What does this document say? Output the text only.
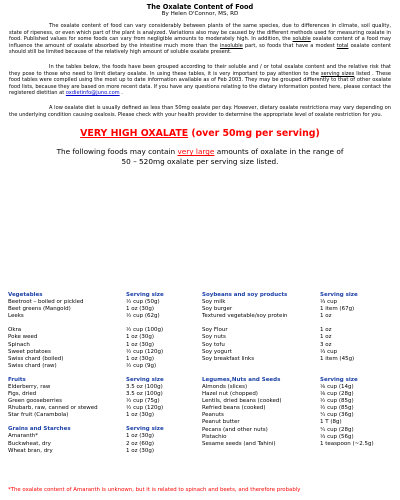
The Oxalate Content of Food
By Helen O'Connor, MS, RD
The oxalate content of food can vary considerably between plants of the same species, due to differences in climate, soil quality, state of ripeness, or even which part of the plant is analyzed. Variations also may be caused by the different methods used for measuring oxalate in food. Published values for some foods can vary from negligible amounts to moderately high. In addition, the soluble oxalate content of a food may influence the amount of oxalate absorbed by the intestine much more than the insoluble part, so foods that have a modest total oxalate content should still be limited because of the relatively high amount of soluble oxalate present.
In the tables below, the foods have been grouped according to their soluble and / or total oxalate content and the relative risk that they pose to those who need to limit dietary oxalate. In using these tables, it is very important to pay attention to the serving sizes listed . These food tables were compiled using the most up to date information available as of Feb 2003. They may be grouped differently to that of other oxalate food lists, because they are based on more recent data. If you have any questions relating to the dietary information posted here, please contact the registered dietitian at oxdietinfo@juno.com .
A low oxalate diet is usually defined as less than 50mg oxalate per day. However, dietary oxalate restrictions may vary depending on the underlying condition causing oxalosis. Please check with your health provider to determine the appropriate level of oxalate restriction for you.
VERY HIGH OXALATE (over 50mg per serving)
The following foods may contain very large amounts of oxalate in the range of
50 – 520mg oxalate per serving size listed.
Vegetables	Serving size
Beetroot – boiled or pickled	½ cup (50g)
Beet greens (Mangold)	1 oz (30g)
Leeks	½ cup (62g)

Okra	½ cup (100g)
Poke weed	1 oz (30g)
Spinach	1 oz (30g)
Sweet potatoes	½ cup (120g)
Swiss chard (boiled)	1 oz (30g)
Swiss chard (raw)	½ cup (9g)
Fruits	Serving size
Elderberry, raw	3.5 oz (100g)
Figs, dried	3.5 oz (100g)
Green gooseberries	½ cup (75g)
Rhubarb, raw, canned or stewed	½ cup (120g)
Star fruit (Carambola)	1 oz (30g)
Grains and Starches	Serving size
Amaranth*	1 oz (30g)
Buckwheat, dry	2 oz (60g)
Wheat bran, dry	1 oz (30g)
Soybeans and soy products	Serving size
Soy milk	⅓ cup
Soy burger	1 item (67g)
Textured vegetable/soy protein	1 oz

Soy Flour	1 oz
Soy nuts	1 oz
Soy tofu	3 oz
Soy yogurt	⅓ cup
Soy breakfast links	1 item (45g)

Legumes,Nuts and Seeds	Serving size
Almonds (slices)	⅛ cup (14g)
Hazel nut (chopped)	⅛ cup (28g)
Lentils, dried beans (cooked)	½ cup (85g)
Refried beans (cooked)	½ cup (85g)
Peanuts	¼ cup (36g)
Peanut butter	1 T (8g)
Pecans (and other nuts)	¼ cup (28g)
Pistachio	⅓ cup (56g)
Sesame seeds (and Tahini)	1 teaspoon (~2.5g)
*The oxalate content of Amaranth is unknown, but it is related to spinach and beets, and therefore probably
